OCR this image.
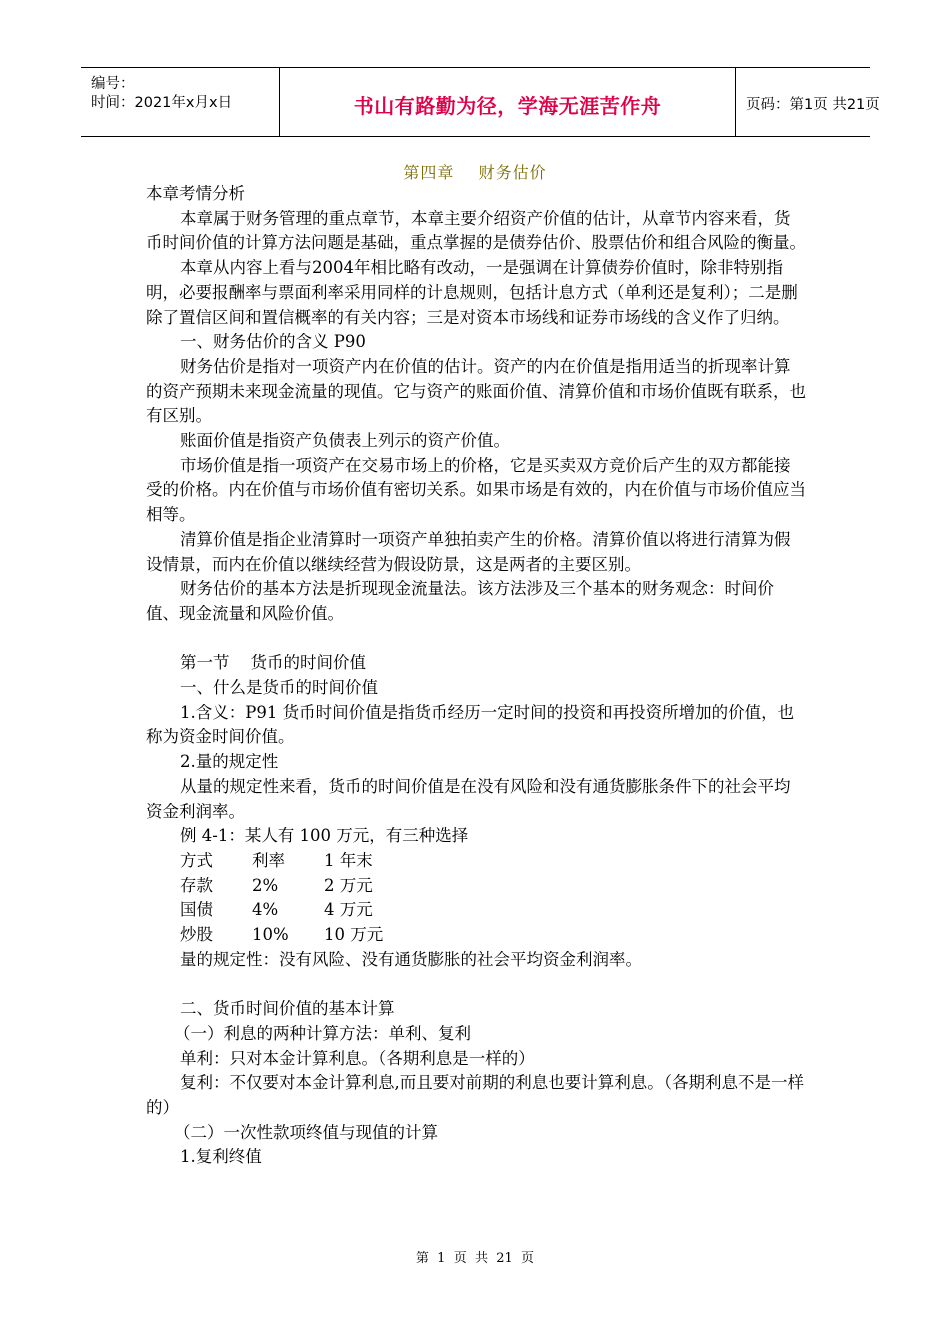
编号：
时间：2021年x月x日	书山有路勤为径，学海无涯苦作舟	页码：第1页 共21页
第四章    财务估价

本章考情分析

本章属于财务管理的重点章节，本章主要介绍资产价值的估计，从章节内容来看，货币时间价值的计算方法问题是基础，重点掌握的是债券估价、股票估价和组合风险的衡量。

本章从内容上看与2004年相比略有改动，一是强调在计算债券价值时，除非特别指明，必要报酬率与票面利率采用同样的计息规则，包括计息方式（单利还是复利）；二是删除了置信区间和置信概率的有关内容；三是对资本市场线和证券市场线的含义作了归纳。

一、财务估价的含义 P90

财务估价是指对一项资产内在价值的估计。资产的内在价值是指用适当的折现率计算的资产预期未来现金流量的现值。它与资产的账面价值、清算价值和市场价值既有联系，也有区别。

账面价值是指资产负债表上列示的资产价值。

市场价值是指一项资产在交易市场上的价格，它是买卖双方竞价后产生的双方都能接受的价格。内在价值与市场价值有密切关系。如果市场是有效的，内在价值与市场价值应当相等。

清算价值是指企业清算时一项资产单独拍卖产生的价格。清算价值以将进行清算为假设情景，而内在价值以继续经营为假设防景，这是两者的主要区别。

财务估价的基本方法是折现现金流量法。该方法涉及三个基本的财务观念：时间价值、现金流量和风险价值。

第一节    货币的时间价值

一、什么是货币的时间价值

1.含义：P91 货币时间价值是指货币经历一定时间的投资和再投资所增加的价值，也称为资金时间价值。

2.量的规定性

从量的规定性来看，货币的时间价值是在没有风险和没有通货膨胀条件下的社会平均资金利润率。

例 4-1：某人有 100 万元，有三种选择

方式	利率	1 年末
存款	2%	2 万元
国债	4%	4 万元
炒股	10%	10 万元

量的规定性：没有风险、没有通货膨胀的社会平均资金利润率。

二、货币时间价值的基本计算

（一）利息的两种计算方法：单利、复利

单利：只对本金计算利息。（各期利息是一样的）

复利：不仅要对本金计算利息,而且要对前期的利息也要计算利息。（各期利息不是一样的）

（二）一次性款项终值与现值的计算

1.复利终值

第  1  页  共  21  页
